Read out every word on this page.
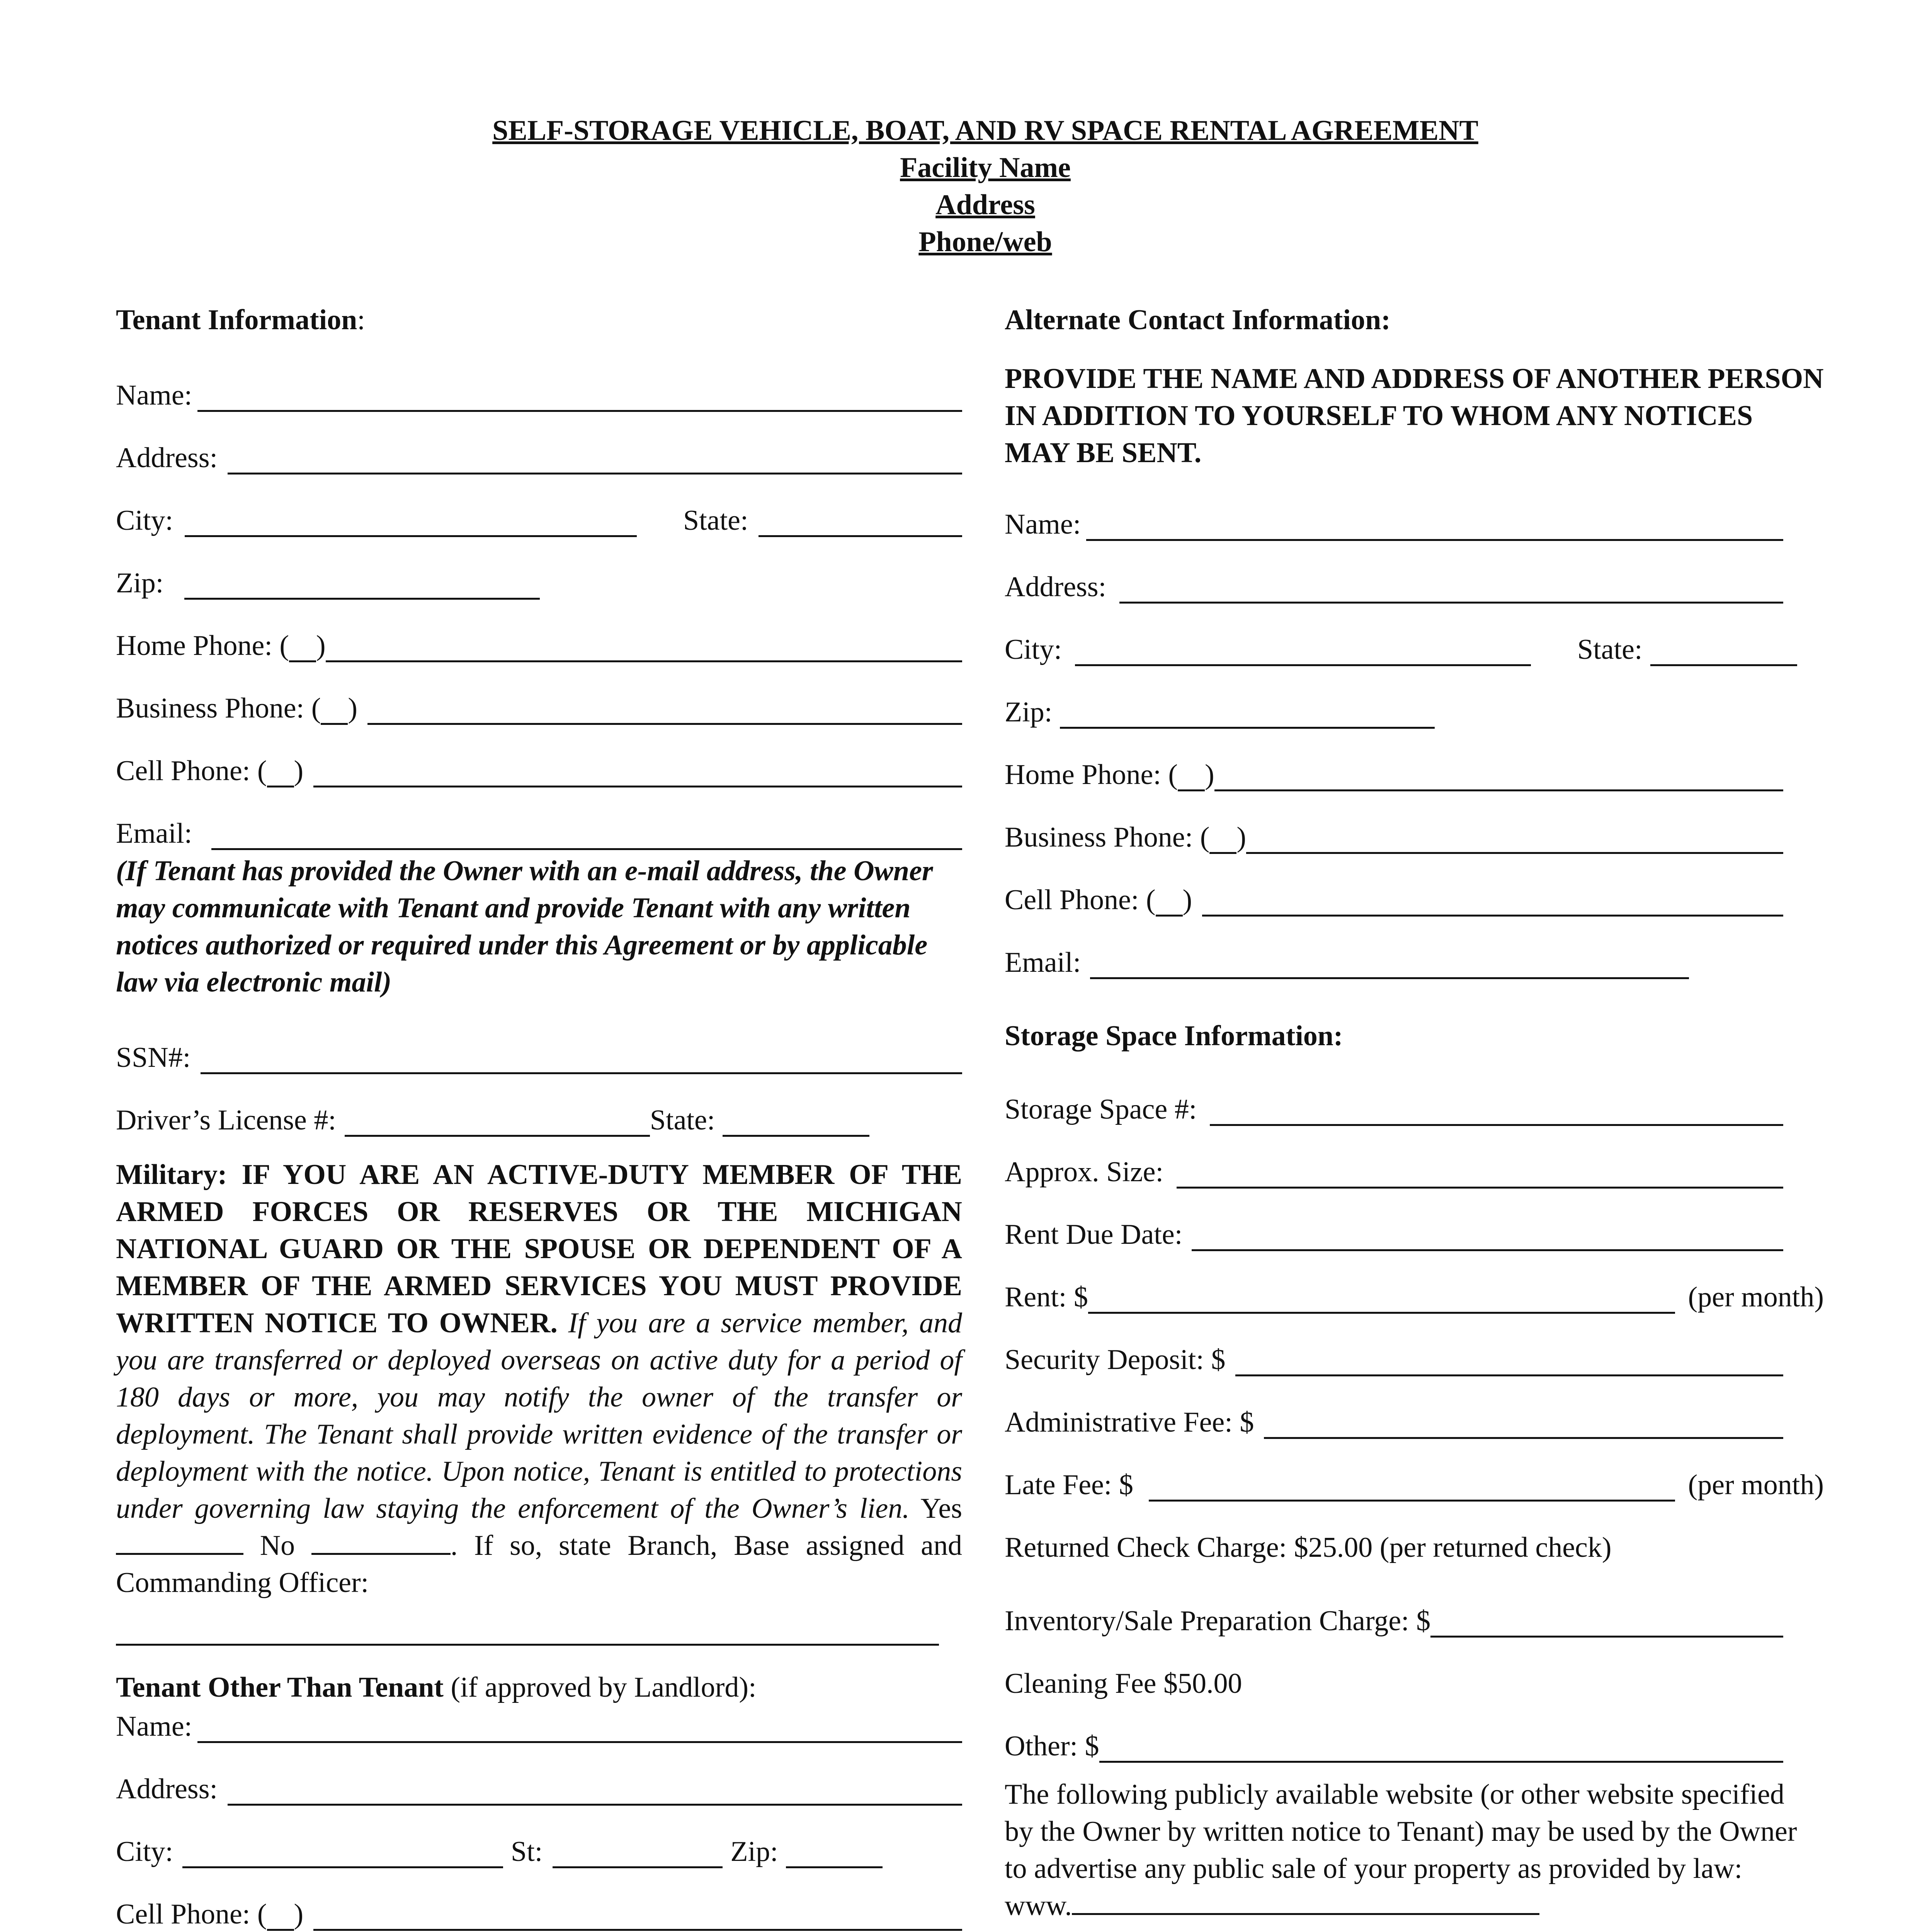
SELF-STORAGE VEHICLE, BOAT, AND RV SPACE RENTAL AGREEMENT
Facility Name
Address
Phone/web
Tenant Information:
Name:
Address:
City:	State:
Zip:
Home Phone: ( )
Business Phone: ( )
Cell Phone: ( )
Email:
(If Tenant has provided the Owner with an e-mail address, the Owner may communicate with Tenant and provide Tenant with any written notices authorized or required under this Agreement or by applicable law via electronic mail)
SSN#:
Driver’s License #:	State:
Military: IF YOU ARE AN ACTIVE-DUTY MEMBER OF THE ARMED FORCES OR RESERVES OR THE MICHIGAN NATIONAL GUARD OR THE SPOUSE OR DEPENDENT OF A MEMBER OF THE ARMED SERVICES YOU MUST PROVIDE WRITTEN NOTICE TO OWNER. If you are a service member, and you are transferred or deployed overseas on active duty for a period of 180 days or more, you may notify the owner of the transfer or deployment. The Tenant shall provide written evidence of the transfer or deployment with the notice. Upon notice, Tenant is entitled to protections under governing law staying the enforcement of the Owner’s lien. Yes No	. If so, state Branch, Base assigned and Commanding Officer:
Tenant Other Than Tenant (if approved by Landlord):
Name:
Address:
City:	St:	Zip:
Cell Phone: ( )
Alternate Contact Information:
PROVIDE THE NAME AND ADDRESS OF ANOTHER PERSON IN ADDITION TO YOURSELF TO WHOM ANY NOTICES MAY BE SENT.
Name:
Address:
City:	State:
Zip:
Home Phone: ( )
Business Phone: ( )
Cell Phone: ( )
Email:
Storage Space Information:
Storage Space #:
Approx. Size:
Rent Due Date:
Rent: $	(per month)
Security Deposit: $
Administrative Fee: $
Late Fee: $	(per month)
Returned Check Charge: $25.00 (per returned check)
Inventory/Sale Preparation Charge: $
Cleaning Fee $50.00
Other: $
The following publicly available website (or other website specified by the Owner by written notice to Tenant) may be used by the Owner to advertise any public sale of your property as provided by law: www.
